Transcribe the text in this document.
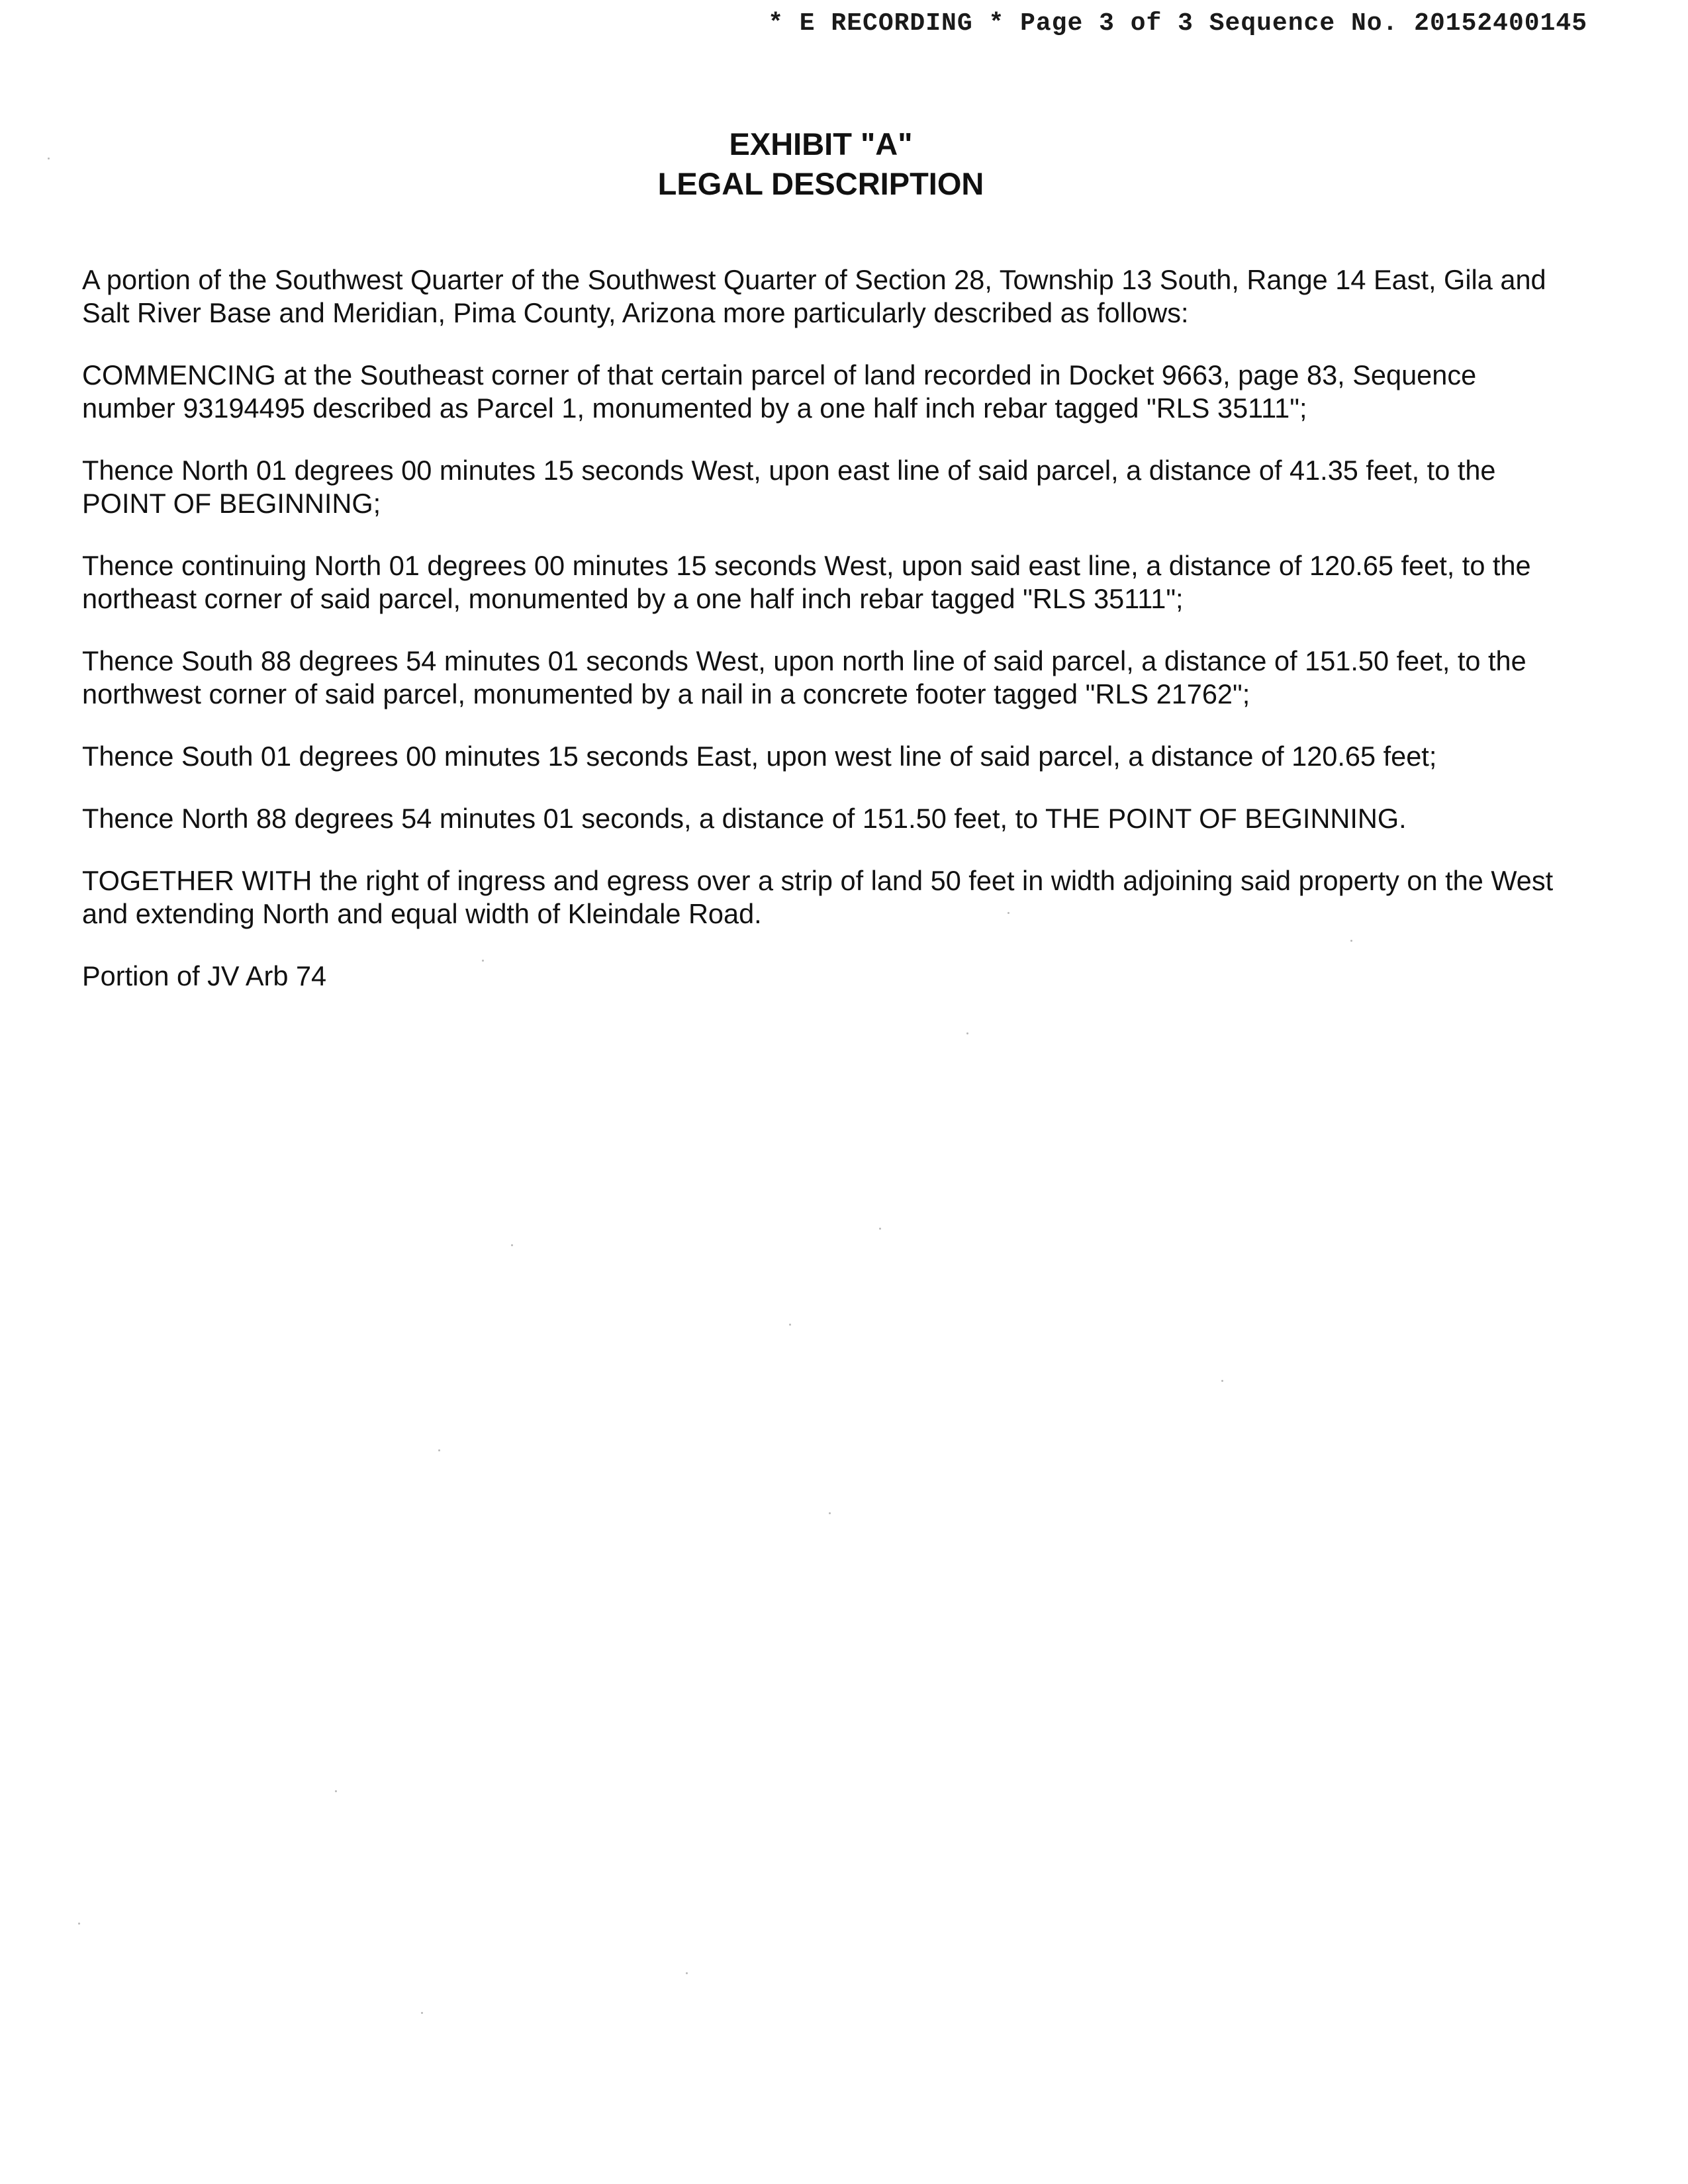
* E RECORDING * Page 3 of 3 Sequence No. 20152400145
EXHIBIT "A"
LEGAL DESCRIPTION

A portion of the Southwest Quarter of the Southwest Quarter of Section 28, Township 13 South, Range 14 East, Gila and Salt River Base and Meridian, Pima County, Arizona more particularly described as follows:

COMMENCING at the Southeast corner of that certain parcel of land recorded in Docket 9663, page 83, Sequence number 93194495 described as Parcel 1, monumented by a one half inch rebar tagged "RLS 35111";

Thence North 01 degrees 00 minutes 15 seconds West, upon east line of said parcel, a distance of 41.35 feet, to the POINT OF BEGINNING;

Thence continuing North 01 degrees 00 minutes 15 seconds West, upon said east line, a distance of 120.65 feet, to the northeast corner of said parcel, monumented by a one half inch rebar tagged "RLS 35111";

Thence South 88 degrees 54 minutes 01 seconds West, upon north line of said parcel, a distance of 151.50 feet, to the northwest corner of said parcel, monumented by a nail in a concrete footer tagged "RLS 21762";

Thence South 01 degrees 00 minutes 15 seconds East, upon west line of said parcel, a distance of 120.65 feet;

Thence North 88 degrees 54 minutes 01 seconds, a distance of 151.50 feet, to THE POINT OF BEGINNING.

TOGETHER WITH the right of ingress and egress over a strip of land 50 feet in width adjoining said property on the West and extending North and equal width of Kleindale Road.

Portion of JV Arb 74
